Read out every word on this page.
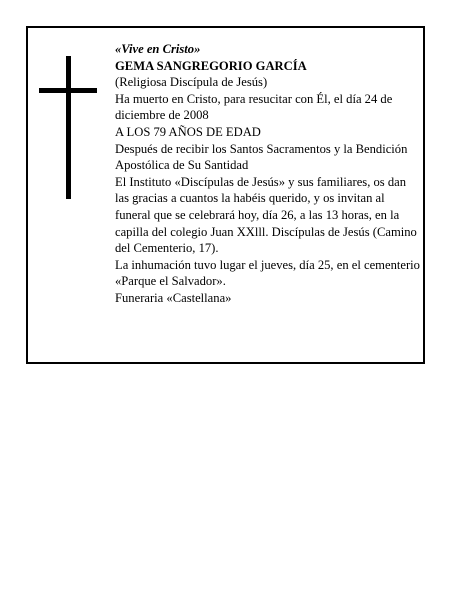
«Vive en Cristo»

GEMA SANGREGORIO GARCÍA

(Religiosa Discípula de Jesús)

Ha muerto en Cristo, para resucitar con Él, el día 24 de diciembre de 2008

A LOS 79 AÑOS DE EDAD

Después de recibir los Santos Sacramentos y la Bendición Apostólica de Su Santidad

El Instituto «Discípulas de Jesús» y sus familiares, os dan las gracias a cuantos la habéis querido, y os invitan al funeral que se celebrará hoy, día 26, a las 13 horas, en la capilla del colegio Juan XXlll. Discípulas de Jesús (Camino del Cementerio, 17).

La inhumación tuvo lugar el jueves, día 25, en el cementerio «Parque el Salvador».

Funeraria «Castellana»
